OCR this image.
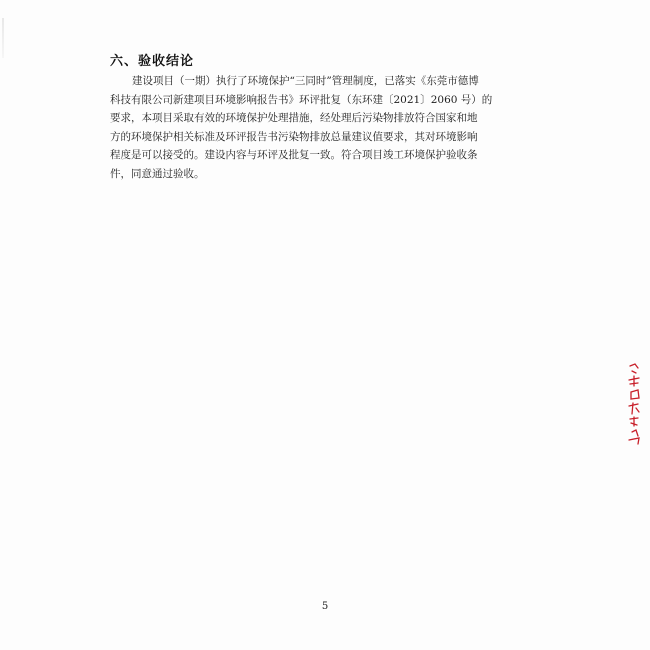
六、验收结论
建设项目（一期）执行了环境保护“三同时”管理制度，已落实《东莞市德博
科技有限公司新建项目环境影响报告书》环评批复（东环建〔2021〕2060 号）的
要求，本项目采取有效的环境保护处理措施，经处理后污染物排放符合国家和地
方的环境保护相关标准及环评报告书污染物排放总量建议值要求，其对环境影响
程度是可以接受的。建设内容与环评及批复一致。符合项目竣工环境保护验收条
件，同意通过验收。
5
